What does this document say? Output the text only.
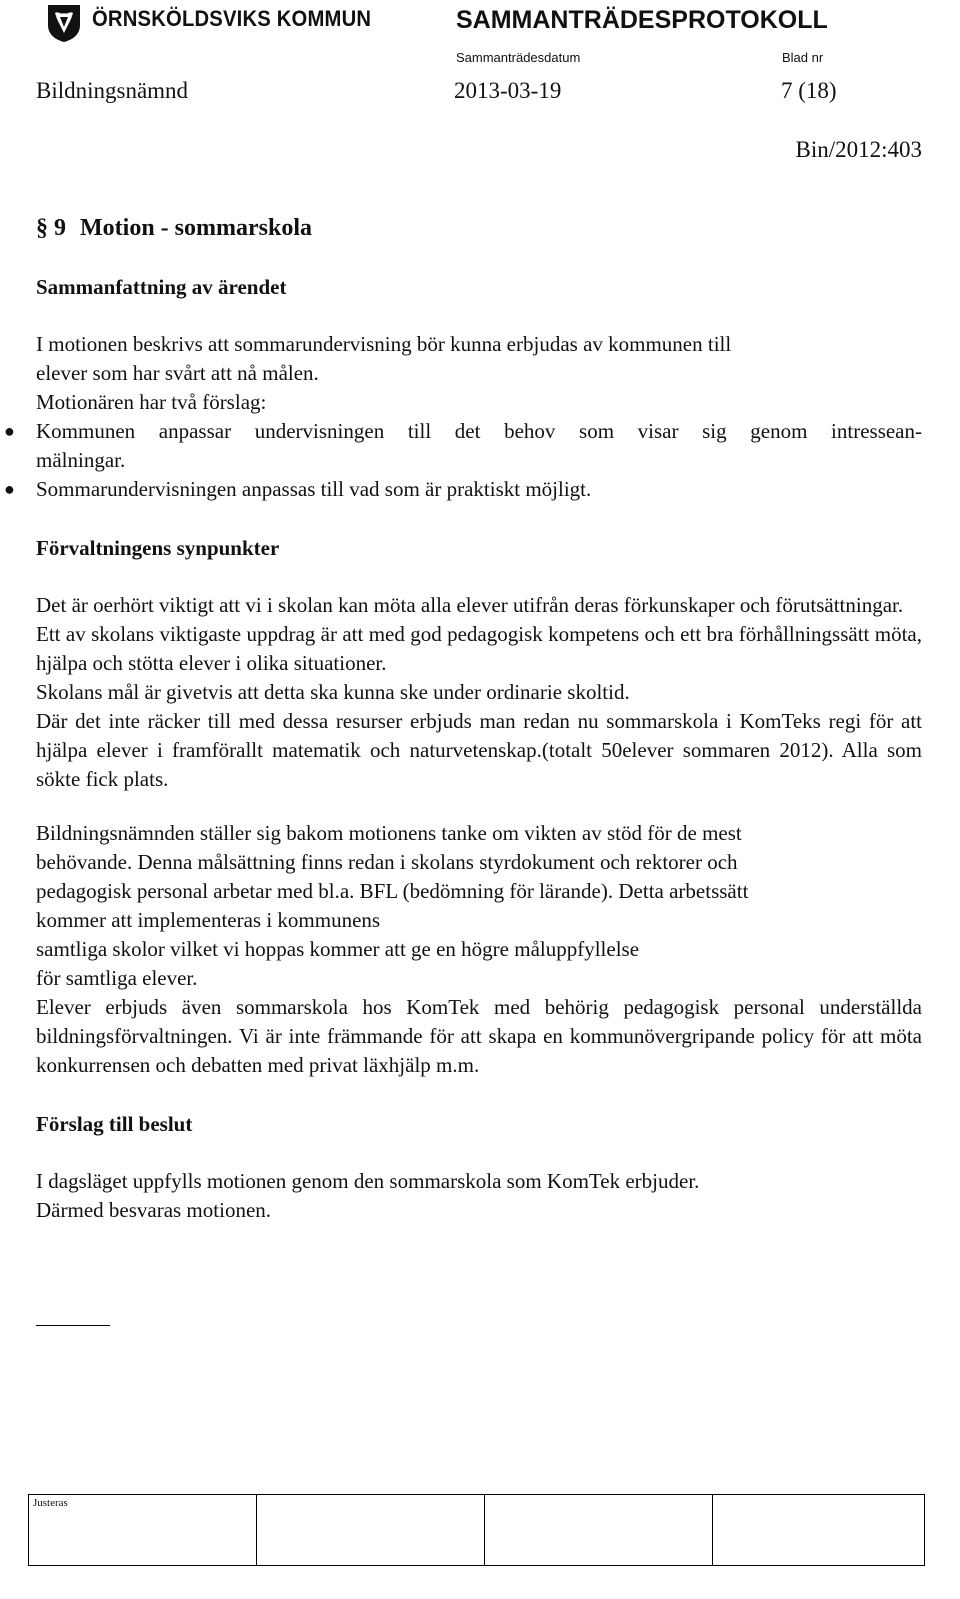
ÖRNSKÖLDSVIKS KOMMUN	SAMMANTRÄDESPROTOKOLL
Sammanträdesdatum	Blad nr
Bildningsnämnd	2013-03-19	7 (18)
Bin/2012:403
§ 9 Motion - sommarskola

Sammanfattning av ärendet

I motionen beskrivs att sommarundervisning bör kunna erbjudas av kommunen till

elever som har svårt att nå målen.

Motionären har två förslag:

● Kommunen anpassar undervisningen till det behov som visar sig genom intressean-
mälningar.
● Sommarundervisningen anpassas till vad som är praktiskt möjligt.

Förvaltningens synpunkter

Det är oerhört viktigt att vi i skolan kan möta alla elever utifrån deras förkunskaper och förutsättningar.

Ett av skolans viktigaste uppdrag är att med god pedagogisk kompetens och ett bra förhållningssätt möta, hjälpa och stötta elever i olika situationer.

Skolans mål är givetvis att detta ska kunna ske under ordinarie skoltid.

Där det inte räcker till med dessa resurser erbjuds man redan nu sommarskola i KomTeks regi för att hjälpa elever i framförallt matematik och naturvetenskap.(totalt 50elever sommaren 2012). Alla som sökte fick plats.

Bildningsnämnden ställer sig bakom motionens tanke om vikten av stöd för de mest

behövande. Denna målsättning finns redan i skolans styrdokument och rektorer och

pedagogisk personal arbetar med bl.a. BFL (bedömning för lärande). Detta arbetssätt

kommer att implementeras i kommunens

samtliga skolor vilket vi hoppas kommer att ge en högre måluppfyllelse

för samtliga elever.

Elever erbjuds även sommarskola hos KomTek med behörig pedagogisk personal underställda bildningsförvaltningen. Vi är inte främmande för att skapa en kommunövergripande policy för att möta konkurrensen och debatten med privat läxhjälp m.m.

Förslag till beslut

I dagsläget uppfylls motionen genom den sommarskola som KomTek erbjuder.

Därmed besvaras motionen.

Justeras
